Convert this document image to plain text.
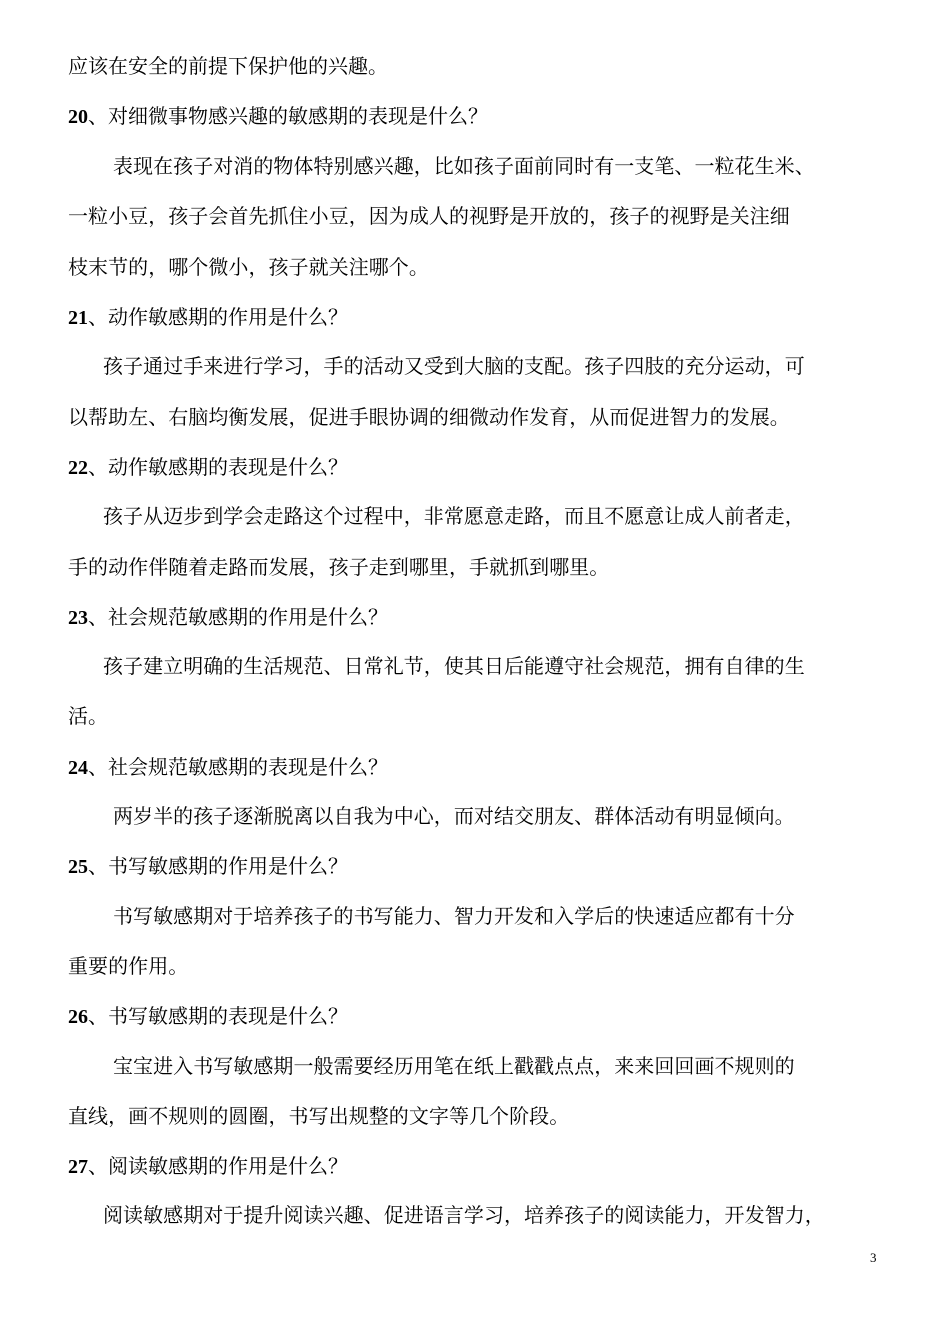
应该在安全的前提下保护他的兴趣。
20、对细微事物感兴趣的敏感期的表现是什么？
表现在孩子对消的物体特别感兴趣，比如孩子面前同时有一支笔、一粒花生米、
一粒小豆，孩子会首先抓住小豆，因为成人的视野是开放的，孩子的视野是关注细
枝末节的，哪个微小，孩子就关注哪个。
21、动作敏感期的作用是什么？
孩子通过手来进行学习，手的活动又受到大脑的支配。孩子四肢的充分运动，可
以帮助左、右脑均衡发展，促进手眼协调的细微动作发育，从而促进智力的发展。
22、动作敏感期的表现是什么？
孩子从迈步到学会走路这个过程中，非常愿意走路，而且不愿意让成人前者走，
手的动作伴随着走路而发展，孩子走到哪里，手就抓到哪里。
23、社会规范敏感期的作用是什么？
孩子建立明确的生活规范、日常礼节，使其日后能遵守社会规范，拥有自律的生
活。
24、社会规范敏感期的表现是什么？
两岁半的孩子逐渐脱离以自我为中心，而对结交朋友、群体活动有明显倾向。
25、书写敏感期的作用是什么？
书写敏感期对于培养孩子的书写能力、智力开发和入学后的快速适应都有十分
重要的作用。
26、书写敏感期的表现是什么？
宝宝进入书写敏感期一般需要经历用笔在纸上戳戳点点，来来回回画不规则的
直线，画不规则的圆圈，书写出规整的文字等几个阶段。
27、阅读敏感期的作用是什么？
阅读敏感期对于提升阅读兴趣、促进语言学习，培养孩子的阅读能力，开发智力，
3
